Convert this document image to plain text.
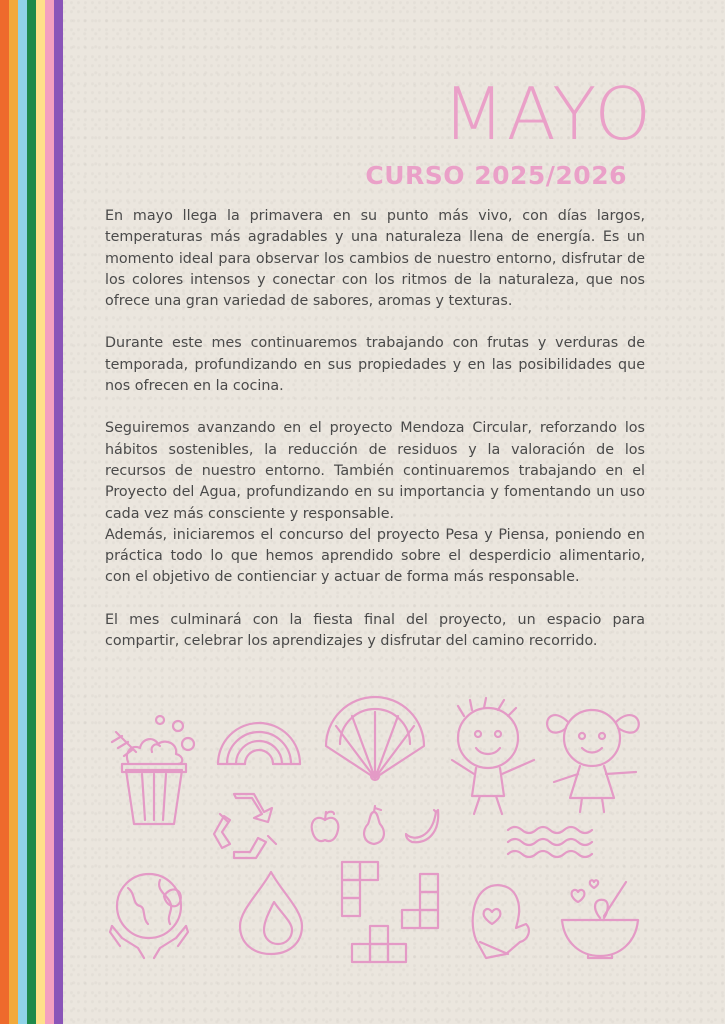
MAYO
CURSO 2025/2026

En mayo llega la primavera en su punto más vivo, con días largos, temperaturas más agradables y una naturaleza llena de energía. Es un momento ideal para observar los cambios de nuestro entorno, disfrutar de los colores intensos y conectar con los ritmos de la naturaleza, que nos ofrece una gran variedad de sabores, aromas y texturas.

Durante este mes continuaremos trabajando con frutas y verduras de temporada, profundizando en sus propiedades y en las posibilidades que nos ofrecen en la cocina.

Seguiremos avanzando en el proyecto Mendoza Circular, reforzando los hábitos sostenibles, la reducción de residuos y la valoración de los recursos de nuestro entorno. También continuaremos trabajando en el Proyecto del Agua, profundizando en su importancia y fomentando un uso cada vez más consciente y responsable.

Además, iniciaremos el concurso del proyecto Pesa y Piensa, poniendo en práctica todo lo que hemos aprendido sobre el desperdicio alimentario, con el objetivo de contienciar y actuar de forma más responsable.

El mes culminará con la fiesta final del proyecto, un espacio para compartir, celebrar los aprendizajes y disfrutar del camino recorrido.
